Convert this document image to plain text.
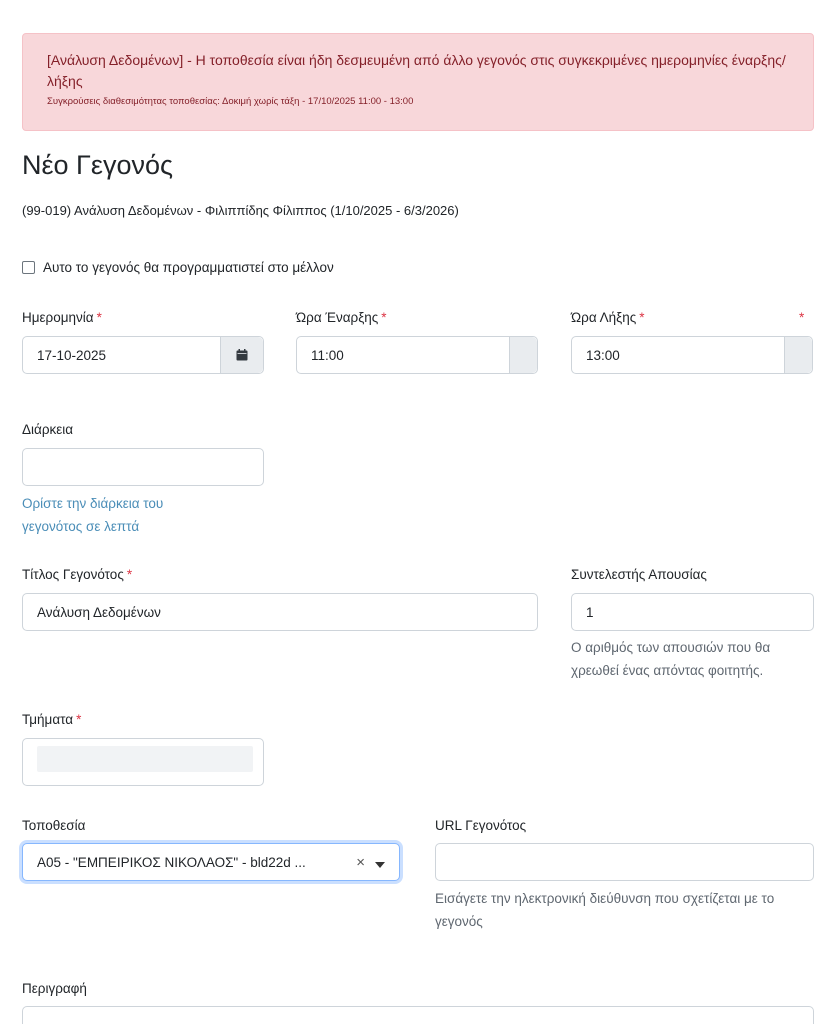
[Ανάλυση Δεδομένων] - Η τοποθεσία είναι ήδη δεσμευμένη από άλλο γεγονός στις συγκεκριμένες ημερομηνίες έναρξης/λήξης
Συγκρούσεις διαθεσιμότητας τοποθεσίας: Δοκιμή χωρίς τάξη - 17/10/2025 11:00 - 13:00
Νέο Γεγονός
(99-019) Ανάλυση Δεδομένων - Φιλιππίδης Φίλιππος (1/10/2025 - 6/3/2026)
Αυτο το γεγονός θα προγραμματιστεί στο μέλλον
Ημερομηνία *
17-10-2025
Ώρα Έναρξης *
11:00
Ώρα Λήξης *	*
13:00
Διάρκεια
Ορίστε την διάρκεια του γεγονότος σε λεπτά
Τίτλος Γεγονότος *
Ανάλυση Δεδομένων
Συντελεστής Απουσίας
1
Ο αριθμός των απουσιών που θα χρεωθεί ένας απόντας φοιτητής.
Τμήματα *
Τοποθεσία
Α05 - "ΕΜΠΕΙΡΙΚΟΣ ΝΙΚΟΛΑΟΣ" - bld22d ...	×
URL Γεγονότος
Εισάγετε την ηλεκτρονική διεύθυνση που σχετίζεται με το γεγονός
Περιγραφή
